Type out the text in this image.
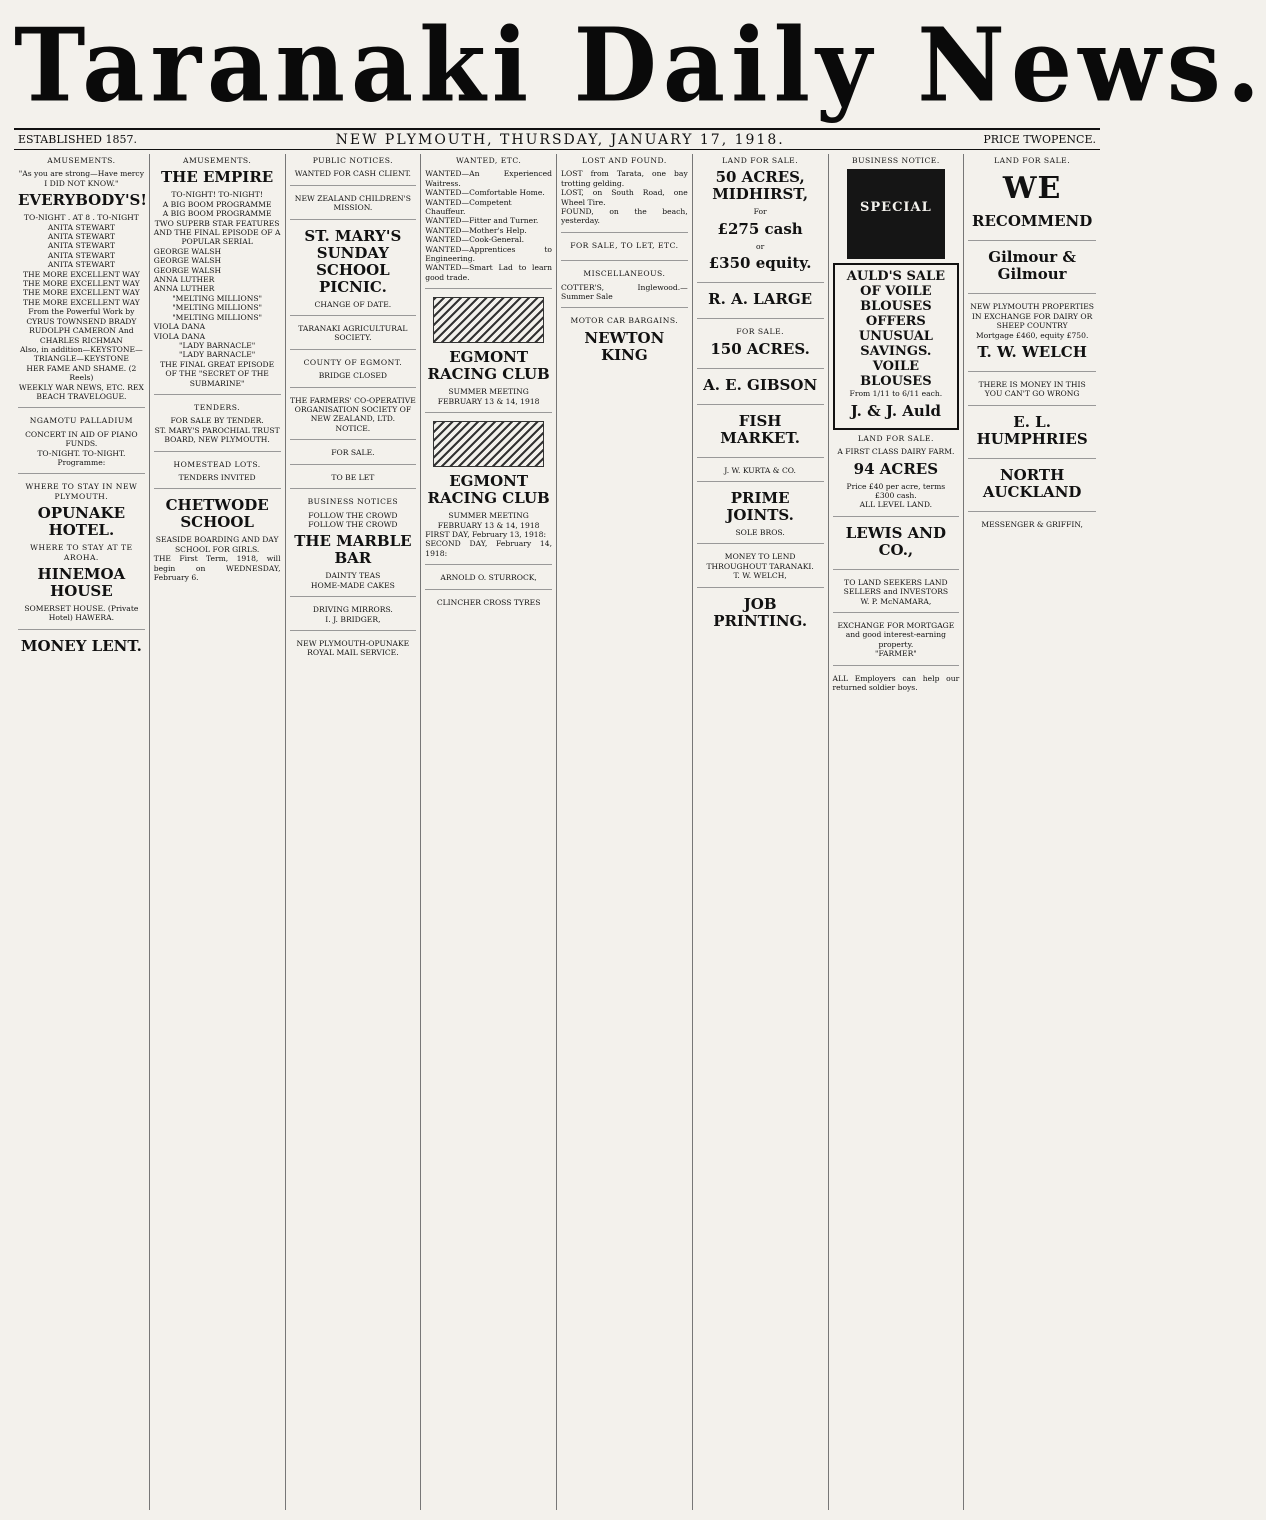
Taranaki Daily News.
ESTABLISHED 1857.	NEW PLYMOUTH, THURSDAY, JANUARY 17, 1918.	PRICE TWOPENCE.
AMUSEMENTS.
"As you are strong—Have mercy I DID NOT KNOW."
EVERYBODY'S!
TO-NIGHT . AT 8 . TO-NIGHT
ANITA STEWART
ANITA STEWART
ANITA STEWART
ANITA STEWART
ANITA STEWART
THE MORE EXCELLENT WAY
THE MORE EXCELLENT WAY
THE MORE EXCELLENT WAY
THE MORE EXCELLENT WAY
From the Powerful Work by CYRUS TOWNSEND BRADY
RUDOLPH CAMERON And CHARLES RICHMAN
Also, in addition—KEYSTONE—TRIANGLE—KEYSTONE
HER FAME AND SHAME. (2 Reels)
WEEKLY WAR NEWS, ETC. REX BEACH TRAVELOGUE.
NGAMOTU PALLADIUM
CONCERT IN AID OF PIANO FUNDS.
TO-NIGHT. TO-NIGHT. Programme:
WHERE TO STAY IN NEW PLYMOUTH.
OPUNAKE HOTEL.
WHERE TO STAY AT TE AROHA.
HINEMOA HOUSE
SOMERSET HOUSE. (Private Hotel) HAWERA.
MONEY LENT.
AMUSEMENTS.
THE EMPIRE
TO-NIGHT! TO-NIGHT!
A BIG BOOM PROGRAMME
A BIG BOOM PROGRAMME
TWO SUPERB STAR FEATURES AND THE FINAL EPISODE OF A POPULAR SERIAL
GEORGE WALSH
GEORGE WALSH
GEORGE WALSH
ANNA LUTHER
ANNA LUTHER
"MELTING MILLIONS"
"MELTING MILLIONS"
"MELTING MILLIONS"
VIOLA DANA
VIOLA DANA
"LADY BARNACLE"
"LADY BARNACLE"
THE FINAL GREAT EPISODE OF THE "SECRET OF THE SUBMARINE"
TENDERS.
FOR SALE BY TENDER.
ST. MARY'S PAROCHIAL TRUST BOARD, NEW PLYMOUTH.
HOMESTEAD LOTS.
TENDERS INVITED
CHETWODE SCHOOL
SEASIDE BOARDING AND DAY SCHOOL FOR GIRLS.
THE First Term, 1918, will begin on WEDNESDAY, February 6.
PUBLIC NOTICES.
WANTED FOR CASH CLIENT.
NEW ZEALAND CHILDREN'S MISSION.
ST. MARY'S SUNDAY SCHOOL PICNIC.
CHANGE OF DATE.
TARANAKI AGRICULTURAL SOCIETY.
COUNTY OF EGMONT.
BRIDGE CLOSED
THE FARMERS' CO-OPERATIVE ORGANISATION SOCIETY OF NEW ZEALAND, LTD.
NOTICE.
FOR SALE.
TO BE LET
BUSINESS NOTICES
FOLLOW THE CROWD FOLLOW THE CROWD
THE MARBLE BAR
DAINTY TEAS
HOME-MADE CAKES
DRIVING MIRRORS.
I. J. BRIDGER,
NEW PLYMOUTH-OPUNAKE ROYAL MAIL SERVICE.
WANTED, ETC.
WANTED—An Experienced Waitress.
WANTED—Comfortable Home.
WANTED—Competent Chauffeur.
WANTED—Fitter and Turner.
WANTED—Mother's Help.
WANTED—Cook-General.
WANTED—Apprentices to Engineering.
WANTED—Smart Lad to learn good trade.
EGMONT RACING CLUB
SUMMER MEETING
FEBRUARY 13 & 14, 1918
EGMONT RACING CLUB
SUMMER MEETING
FEBRUARY 13 & 14, 1918
FIRST DAY, February 13, 1918:
SECOND DAY, February 14, 1918:
ARNOLD O. STURROCK,
CLINCHER CROSS TYRES
LOST AND FOUND.
LOST from Tarata, one bay trotting gelding.
LOST, on South Road, one Wheel Tire.
FOUND, on the beach, yesterday.
FOR SALE, TO LET, ETC.
MISCELLANEOUS.
COTTER'S, Inglewood.—Summer Sale
MOTOR CAR BARGAINS.
NEWTON KING
LAND FOR SALE.
50 ACRES, MIDHIRST,
For
£275 cash
or
£350 equity.
R. A. LARGE
FOR SALE.
150 ACRES.
A. E. GIBSON
FISH MARKET.
J. W. KURTA & CO.
PRIME JOINTS.
SOLE BROS.
MONEY TO LEND THROUGHOUT TARANAKI.
T. W. WELCH,
JOB PRINTING.
BUSINESS NOTICE.
SPECIAL
AULD'S SALE OF VOILE BLOUSES OFFERS UNUSUAL SAVINGS.
VOILE BLOUSES
From 1/11 to 6/11 each.
J. & J. Auld
LAND FOR SALE.
A FIRST CLASS DAIRY FARM.
94 ACRES
Price £40 per acre, terms
£300 cash.
ALL LEVEL LAND.
LEWIS AND CO.,
TO LAND SEEKERS LAND SELLERS and INVESTORS
W. P. McNAMARA,
EXCHANGE FOR MORTGAGE and good interest-earning property.
"FARMER"
ALL Employers can help our returned soldier boys.
LAND FOR SALE.
WE
RECOMMEND
Gilmour & Gilmour
NEW PLYMOUTH PROPERTIES IN EXCHANGE FOR DAIRY OR SHEEP COUNTRY
Mortgage £460, equity £750.
T. W. WELCH
THERE IS MONEY IN THIS
YOU CAN'T GO WRONG
E. L. HUMPHRIES
NORTH AUCKLAND
MESSENGER & GRIFFIN,
